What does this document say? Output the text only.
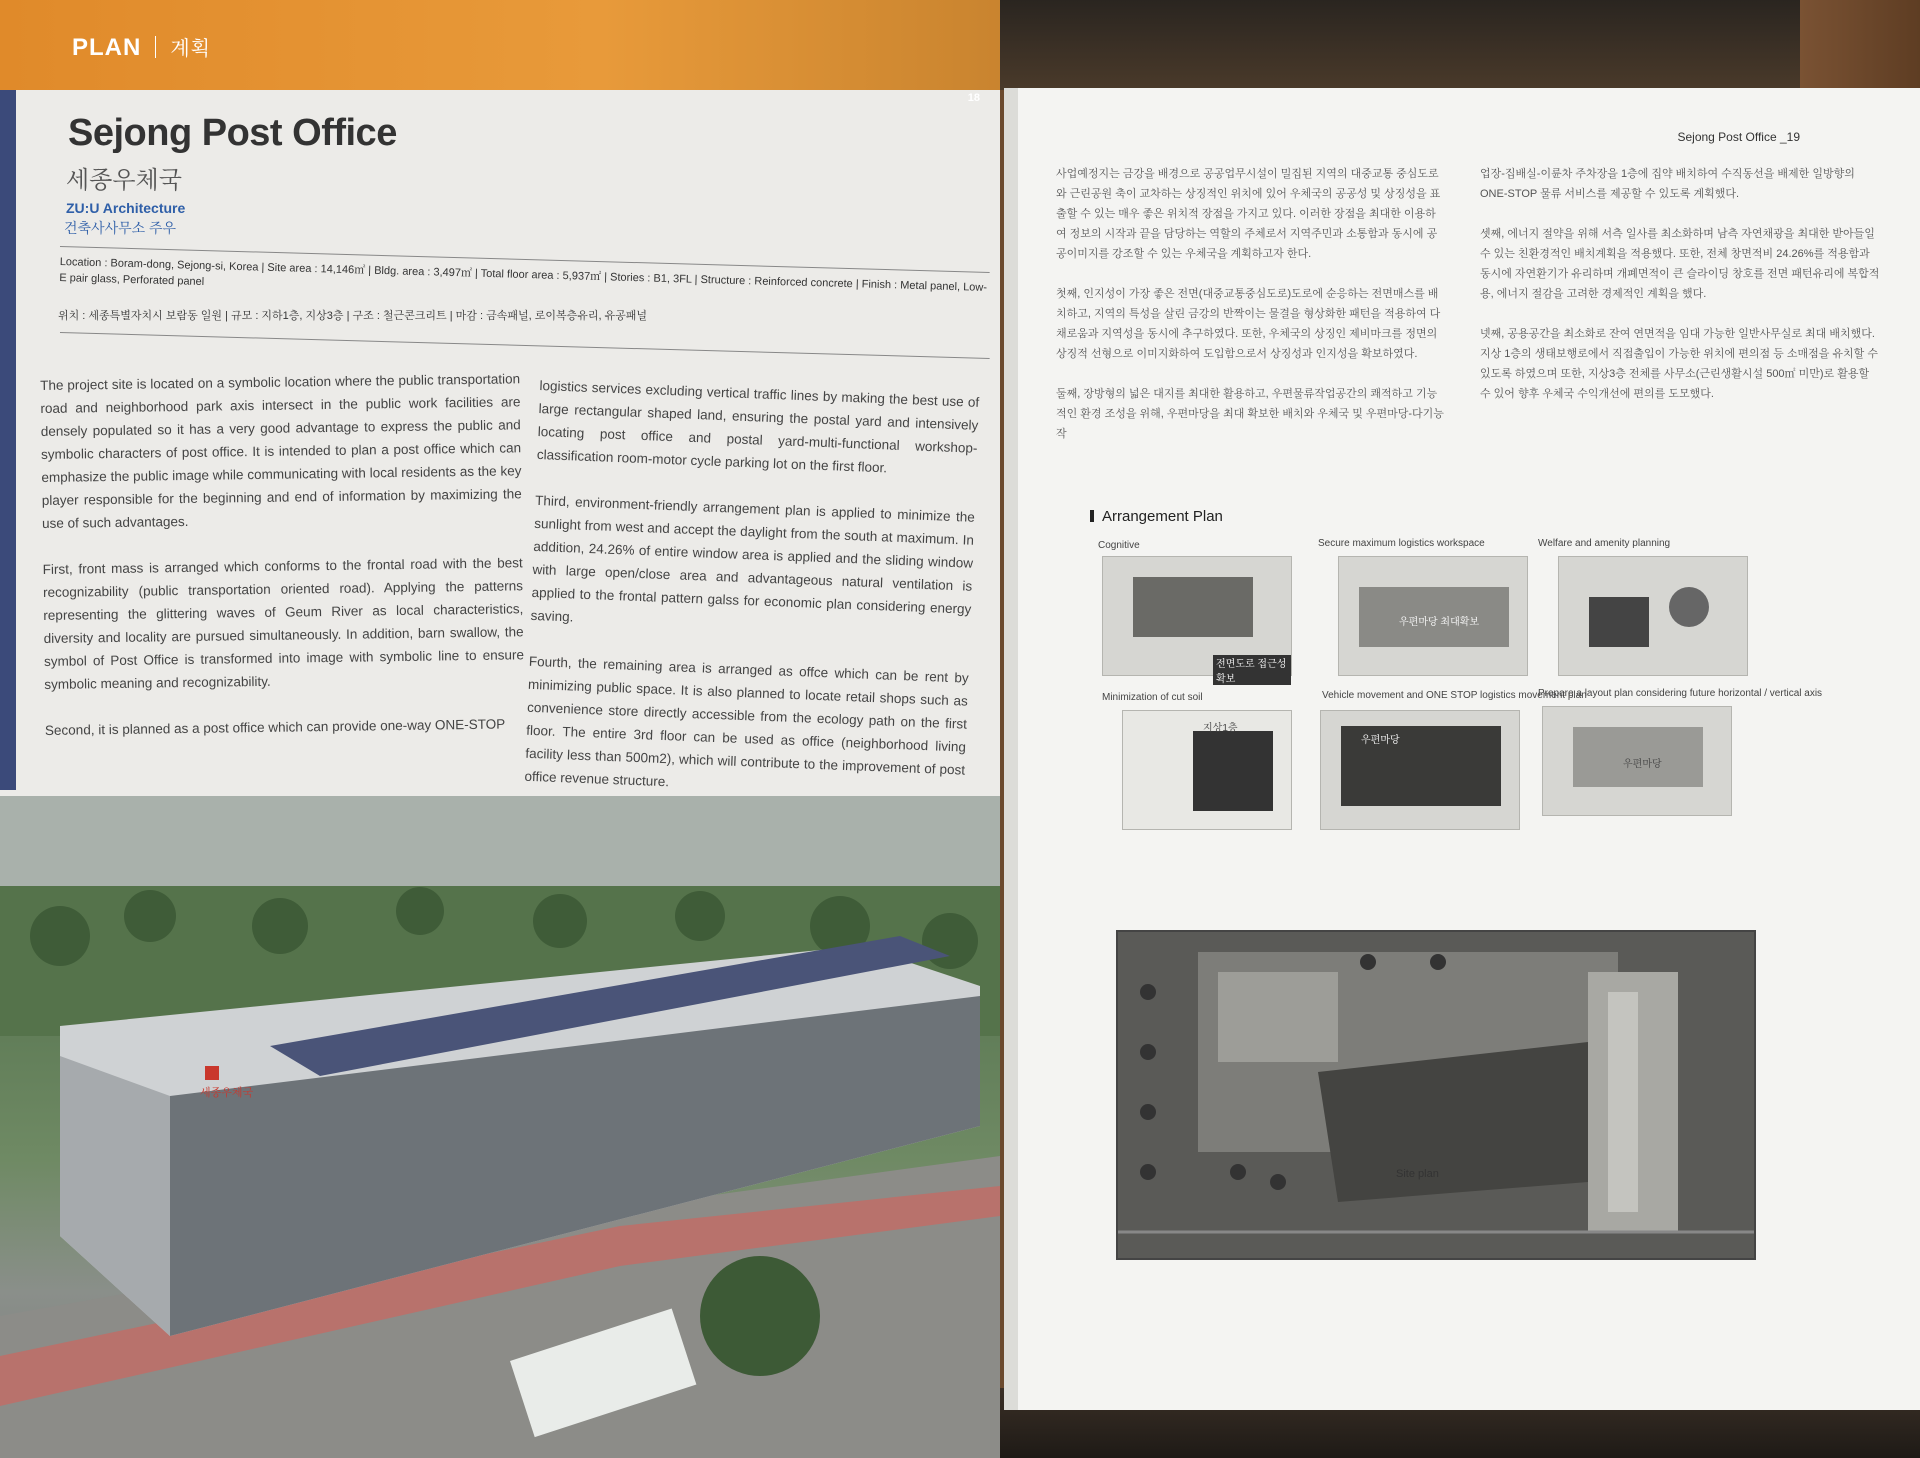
PLAN 계획
18
Sejong Post Office
세종우체국
ZU:U Architecture
건축사사무소 주우
Location : Boram-dong, Sejong-si, Korea | Site area : 14,146㎡ | Bldg. area : 3,497㎡ | Total floor area : 5,937㎡ | Stories : B1, 3FL | Structure : Reinforced concrete | Finish : Metal panel, Low-E pair glass, Perforated panel
위치 : 세종특별자치시 보람동 일원 | 규모 : 지하1층, 지상3층 | 구조 : 철근콘크리트 | 마감 : 금속패널, 로이복층유리, 유공패널

The project site is located on a symbolic location where the public transportation road and neighborhood park axis intersect in the public work facilities are densely populated so it has a very good advantage to express the public and symbolic characters of post office. It is intended to plan a post office which can emphasize the public image while communicating with local residents as the key player responsible for the beginning and end of information by maximizing the use of such advantages.

First, front mass is arranged which conforms to the frontal road with the best recognizability (public transportation oriented road). Applying the patterns representing the glittering waves of Geum River as local characteristics, diversity and locality are pursued simultaneously. In addition, barn swallow, the symbol of Post Office is transformed into image with symbolic line to ensure symbolic meaning and recognizability.

Second, it is planned as a post office which can provide one-way ONE-STOP

logistics services excluding vertical traffic lines by making the best use of large rectangular shaped land, ensuring the postal yard and intensively locating post office and postal yard-multi-functional workshop-classification room-motor cycle parking lot on the first floor.

Third, environment-friendly arrangement plan is applied to minimize the sunlight from west and accept the daylight from the south at maximum. In addition, 24.26% of entire window area is applied and the sliding window with large open/close area and advantageous natural ventilation is applied to the frontal pattern galss for economic plan considering energy saving.

Fourth, the remaining area is arranged as offce which can be rent by minimizing public space. It is also planned to locate retail shops such as convenience store directly accessible from the ecology path on the first floor. The entire 3rd floor can be used as office (neighborhood living facility less than 500m2), which will contribute to the improvement of post office revenue structure.

세종우체국
Sejong Post Office _19

사업예정지는 금강을 배경으로 공공업무시설이 밀집된 지역의 대중교통 중심도로와 근린공원 축이 교차하는 상징적인 위치에 있어 우체국의 공공성 및 상징성을 표출할 수 있는 매우 좋은 위치적 장점을 가지고 있다. 이러한 장점을 최대한 이용하여 정보의 시작과 끝을 담당하는 역할의 주체로서 지역주민과 소통함과 동시에 공공이미지를 강조할 수 있는 우체국을 계획하고자 한다.

첫째, 인지성이 가장 좋은 전면(대중교통중심도로)도로에 순응하는 전면매스를 배치하고, 지역의 특성을 살린 금강의 반짝이는 물결을 형상화한 패턴을 적용하여 다채로움과 지역성을 동시에 추구하였다. 또한, 우체국의 상징인 제비마크를 정면의 상징적 선형으로 이미지화하여 도입함으로서 상징성과 인지성을 확보하였다.

둘째, 장방형의 넓은 대지를 최대한 활용하고, 우편물류작업공간의 쾌적하고 기능적인 환경 조성을 위해, 우편마당을 최대 확보한 배치와 우체국 및 우편마당-다기능작

업장-집배실-이륜차 주차장을 1층에 집약 배치하여 수직동선을 배제한 일방향의 ONE-STOP 물류 서비스를 제공할 수 있도록 계획했다.

셋째, 에너지 절약을 위해 서측 일사를 최소화하며 남측 자연채광을 최대한 받아들일 수 있는 친환경적인 배치계획을 적용했다. 또한, 전체 창면적비 24.26%를 적용함과 동시에 자연환기가 유리하며 개폐면적이 큰 슬라이딩 창호를 전면 패턴유리에 복합적용, 에너지 절감을 고려한 경제적인 계획을 했다.

넷째, 공용공간을 최소화로 잔여 연면적을 임대 가능한 일반사무실로 최대 배치했다. 지상 1층의 생태보행로에서 직접출입이 가능한 위치에 편의점 등 소매점을 유치할 수 있도록 하였으며 또한, 지상3층 전체를 사무소(근린생활시설 500㎡ 미만)로 활용할 수 있어 향후 우체국 수익개선에 편의를 도모했다.

Arrangement Plan
Cognitive
전면도로 접근성 확보
Secure maximum logistics workspace
우편마당 최대확보
Welfare and amenity planning
Minimization of cut soil
지상1층
Vehicle movement and ONE STOP logistics movement plan
우편마당
Prepare a layout plan considering future horizontal / vertical axis
우편마당
Site plan
